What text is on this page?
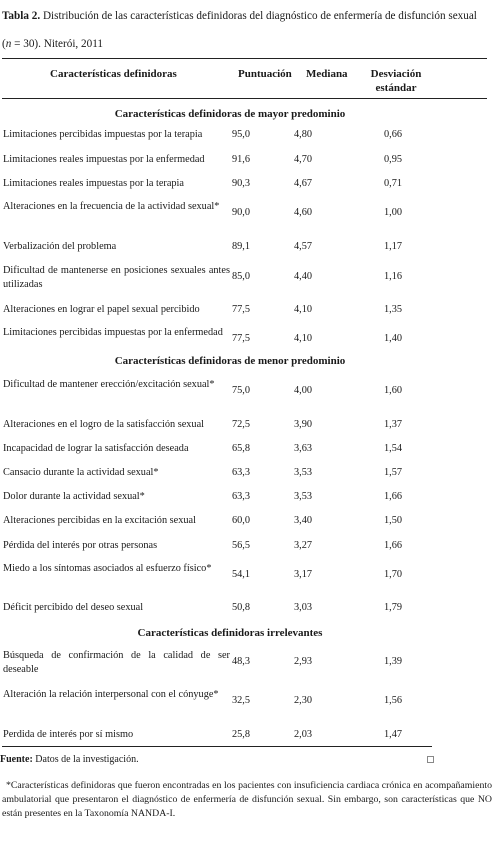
Tabla 2. Distribución de las características definidoras del diagnóstico de enfermería de disfunción sexual
(n = 30). Niterói, 2011
Características definidoras	Puntuación Mediana	Desviación
estándar
Características definidoras de mayor predominio
Limitaciones percibidas impuestas por la terapia	95,0	4,80	0,66
Limitaciones reales impuestas por la enfermedad	91,6	4,70	0,95
Limitaciones reales impuestas por la terapia	90,3	4,67	0,71
Alteraciones en la frecuencia de la actividad sexual*
90,0	4,60	1,00
Verbalización del problema	89,1	4,57	1,17
Dificultad de mantenerse en posiciones sexuales antes utilizadas
85,0	4,40	1,16
Alteraciones en lograr el papel sexual percibido	77,5	4,10	1,35
Limitaciones percibidas impuestas por la enfermedad
77,5	4,10	1,40
Características definidoras de menor predominio
Dificultad de mantener erección/excitación sexual*
75,0	4,00	1,60
Alteraciones en el logro de la satisfacción sexual	72,5	3,90	1,37
Incapacidad de lograr la satisfacción deseada	65,8	3,63	1,54
Cansacio durante la actividad sexual*	63,3	3,53	1,57
Dolor durante la actividad sexual*	63,3	3,53	1,66
Alteraciones percibidas en la excitación sexual	60,0	3,40	1,50
Pérdida del interés por otras personas	56,5	3,27	1,66
Miedo a los síntomas asociados al esfuerzo físico*
54,1	3,17	1,70
Déficit percibido del deseo sexual	50,8	3,03	1,79
Características definidoras irrelevantes
Búsqueda de confirmación de la calidad de ser deseable
48,3	2,93	1,39
Alteración la relación interpersonal con el cónyuge*
32,5	2,30	1,56
Perdida de interés por sí mismo	25,8	2,03	1,47
Fuente: Datos de la investigación.
*Características definidoras que fueron encontradas en los pacientes con insuficiencia cardiaca crónica en acompañamiento ambulatorial que presentaron el diagnóstico de enfermería de disfunción sexual. Sin embargo, son características que NO están presentes en la Taxonomía NANDA-I.
